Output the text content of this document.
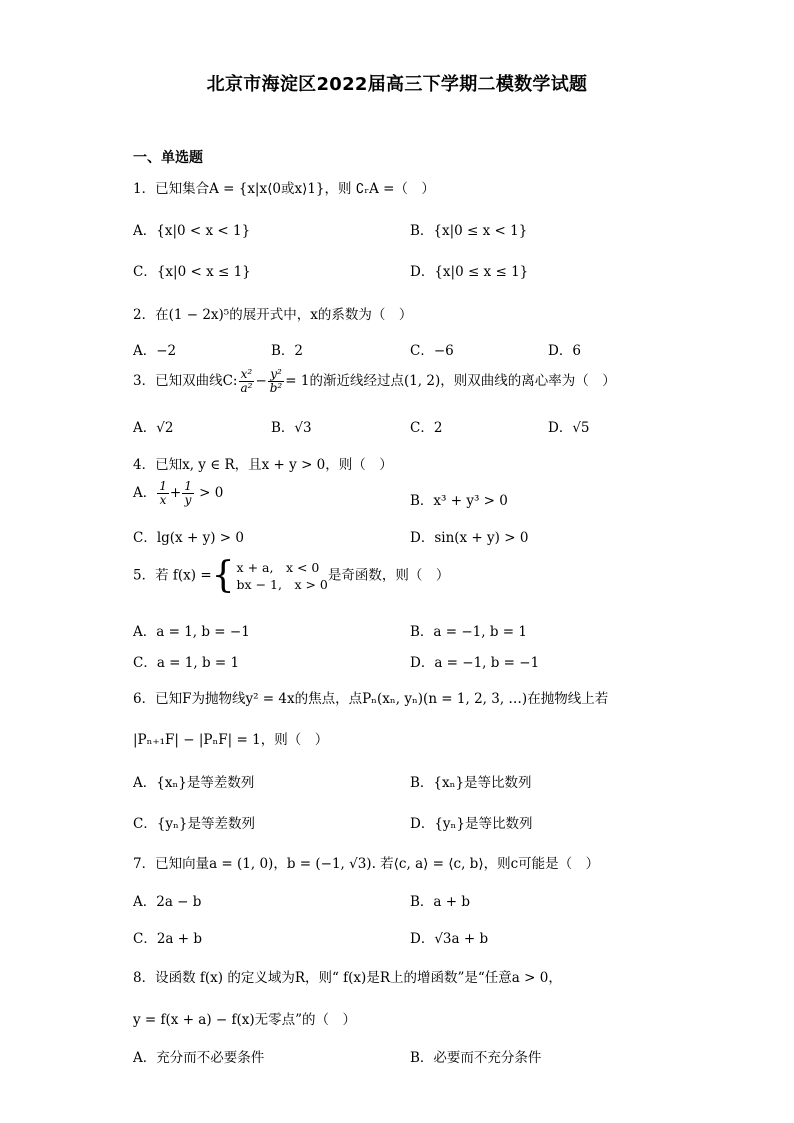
北京市海淀区2022届高三下学期二模数学试题
一、单选题
1．已知集合A = {x|x⟨0或x⟩1}，则 ∁ᵣA =（　）
A．{x|0 < x < 1}	B．{x|0 ≤ x < 1}
C．{x|0 < x ≤ 1}	D．{x|0 ≤ x ≤ 1}
2．在(1 − 2x)⁵的展开式中，x的系数为（　）
A．−2	B．2	C．−6	D．6
3．已知双曲线C: $\frac{\text{x²}}{\text{a²}} - \frac{\text{y²}}{\text{b²}} = 1$的渐近线经过点(1, 2)，则双曲线的离心率为（　）
A．√2	B．√3	C．2	D．√5
4．已知x, y ∈ R，且x + y > 0，则（　）
A． $\frac{1}{x} + \frac{1}{y} > 0$	B．x³ + y³ > 0
C．lg(x + y) > 0	D．sin(x + y) > 0
5．若 f(x) = { x + a,　x < 0
bx − 1,　x > 0
是奇函数，则（　）
A．a = 1, b = −1	B．a = −1, b = 1
C．a = 1, b = 1	D．a = −1, b = −1
6．已知F为抛物线y² = 4x的焦点，点Pₙ(xₙ, yₙ)(n = 1, 2, 3, …)在抛物线上若
|Pₙ₊₁F| − |PₙF| = 1，则（　）
A．{xₙ}是等差数列	B．{xₙ}是等比数列
C．{yₙ}是等差数列	D．{yₙ}是等比数列
7．已知向量a = (1, 0)，b = (−1, √3). 若⟨c, a⟩ = ⟨c, b⟩，则c可能是（　）
A．2a − b	B．a + b
C．2a + b	D．√3a + b
8．设函数 f(x) 的定义域为R，则“ f(x)是R上的增函数”是“任意a > 0，
y = f(x + a) − f(x)无零点”的（　）
A．充分而不必要条件	B．必要而不充分条件
